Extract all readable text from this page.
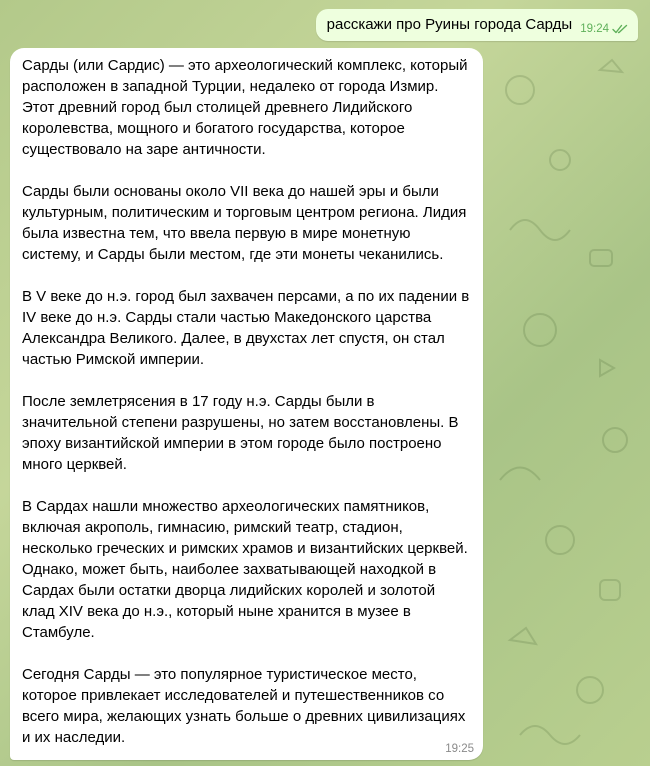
расскажи про Руины города Сарды 19:24

Сарды (или Сардис) — это археологический комплекс, который расположен в западной Турции, недалеко от города Измир. Этот древний город был столицей древнего Лидийского королевства, мощного и богатого государства, которое существовало на заре античности.

Сарды были основаны около VII века до нашей эры и были культурным, политическим и торговым центром региона. Лидия была известна тем, что ввела первую в мире монетную систему, и Сарды были местом, где эти монеты чеканились.

В V веке до н.э. город был захвачен персами, а по их падении в IV веке до н.э. Сарды стали частью Македонского царства Александра Великого. Далее, в двухстах лет спустя, он стал частью Римской империи.

После землетрясения в 17 году н.э. Сарды были в значительной степени разрушены, но затем восстановлены. В эпоху византийской империи в этом городе было построено много церквей.

В Сардах нашли множество археологических памятников, включая акрополь, гимнасию, римский театр, стадион, несколько греческих и римских храмов и византийских церквей. Однако, может быть, наиболее захватывающей находкой в Сардах были остатки дворца лидийских королей и золотой клад XIV века до н.э., который ныне хранится в музее в Стамбуле.

Сегодня Сарды — это популярное туристическое место, которое привлекает исследователей и путешественников со всего мира, желающих узнать больше о древних цивилизациях и их наследии.

19:25
